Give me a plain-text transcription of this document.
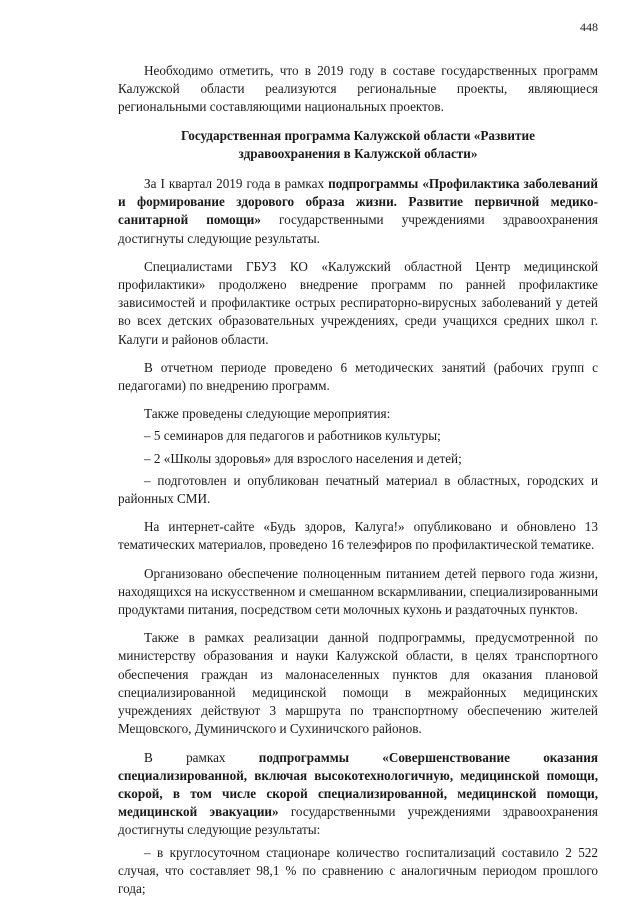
448

Необходимо отметить, что в 2019 году в составе государственных программ Калужской области реализуются региональные проекты, являющиеся региональными составляющими национальных проектов.

Государственная программа Калужской области «Развитие здравоохранения в Калужской области»

За I квартал 2019 года в рамках подпрограммы «Профилактика заболеваний и формирование здорового образа жизни. Развитие первичной медико-санитарной помощи» государственными учреждениями здравоохранения достигнуты следующие результаты.

Специалистами ГБУЗ КО «Калужский областной Центр медицинской профилактики» продолжено внедрение программ по ранней профилактике зависимостей и профилактике острых респираторно-вирусных заболеваний у детей во всех детских образовательных учреждениях, среди учащихся средних школ г. Калуги и районов области.

В отчетном периоде проведено 6 методических занятий (рабочих групп с педагогами) по внедрению программ.

Также проведены следующие мероприятия:

– 5 семинаров для педагогов и работников культуры;

– 2 «Школы здоровья» для взрослого населения и детей;

– подготовлен и опубликован печатный материал в областных, городских и районных СМИ.

На интернет-сайте «Будь здоров, Калуга!» опубликовано и обновлено 13 тематических материалов, проведено 16 телеэфиров по профилактической тематике.

Организовано обеспечение полноценным питанием детей первого года жизни, находящихся на искусственном и смешанном вскармливании, специализированными продуктами питания, посредством сети молочных кухонь и раздаточных пунктов.

Также в рамках реализации данной подпрограммы, предусмотренной по министерству образования и науки Калужской области, в целях транспортного обеспечения граждан из малонаселенных пунктов для оказания плановой специализированной медицинской помощи в межрайонных медицинских учреждениях действуют 3 маршрута по транспортному обеспечению жителей Мещовского, Думиничского и Сухиничского районов.

В рамках подпрограммы «Совершенствование оказания специализированной, включая высокотехнологичную, медицинской помощи, скорой, в том числе скорой специализированной, медицинской помощи, медицинской эвакуации» государственными учреждениями здравоохранения достигнуты следующие результаты:

– в круглосуточном стационаре количество госпитализаций составило 2 522 случая, что составляет 98,1 % по сравнению с аналогичным периодом прошлого года;
